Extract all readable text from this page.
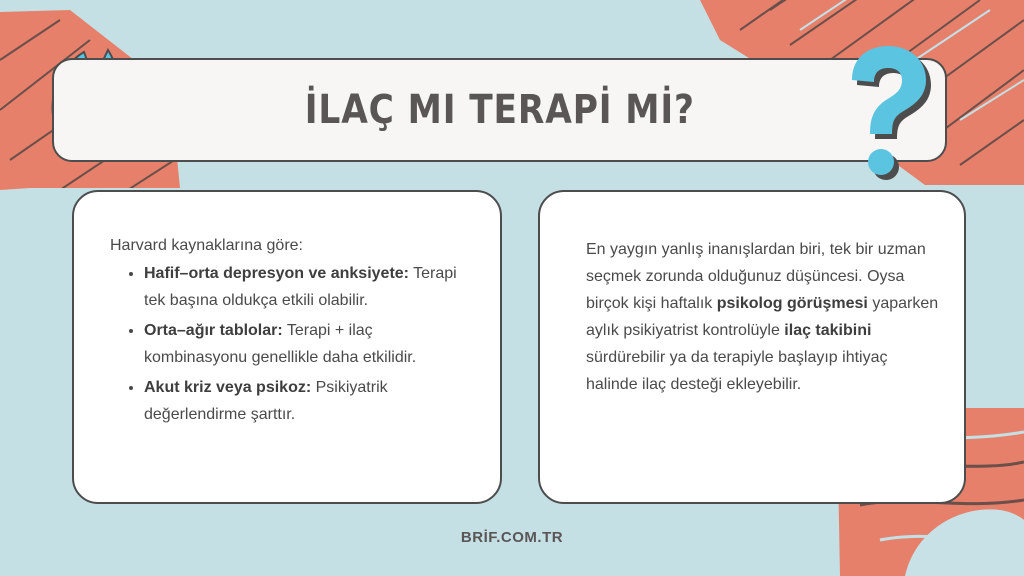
İLAÇ MI TERAPİ Mİ?

Harvard kaynaklarına göre:

• Hafif–orta depresyon ve anksiyete: Terapi tek başına oldukça etkili olabilir.
• Orta–ağır tablolar: Terapi + ilaç kombinasyonu genellikle daha etkilidir.
• Akut kriz veya psikoz: Psikiyatrik değerlendirme şarttır.

En yaygın yanlış inanışlardan biri, tek bir uzman seçmek zorunda olduğunuz düşüncesi. Oysa birçok kişi haftalık psikolog görüşmesi yaparken aylık psikiyatrist kontrolüyle ilaç takibini sürdürebilir ya da terapiyle başlayıp ihtiyaç halinde ilaç desteği ekleyebilir.

BRİF.COM.TR
